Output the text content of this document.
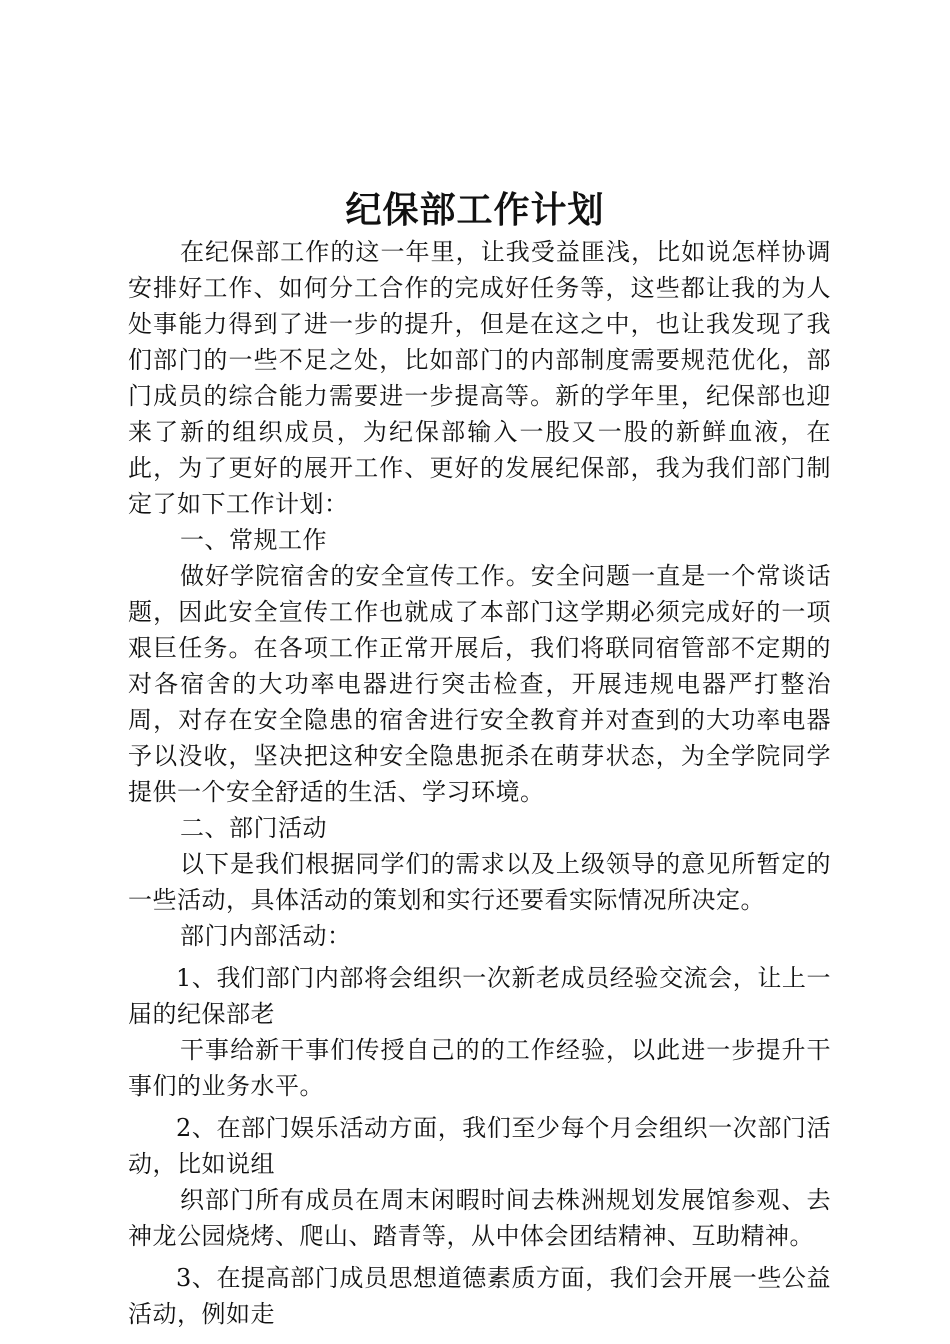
纪保部工作计划

在纪保部工作的这一年里，让我受益匪浅，比如说怎样协调安排好工作、如何分工合作的完成好任务等，这些都让我的为人处事能力得到了进一步的提升，但是在这之中，也让我发现了我们部门的一些不足之处，比如部门的内部制度需要规范优化，部门成员的综合能力需要进一步提高等。新的学年里，纪保部也迎来了新的组织成员，为纪保部输入一股又一股的新鲜血液，在此，为了更好的展开工作、更好的发展纪保部，我为我们部门制定了如下工作计划：

一、常规工作

做好学院宿舍的安全宣传工作。安全问题一直是一个常谈话题，因此安全宣传工作也就成了本部门这学期必须完成好的一项艰巨任务。在各项工作正常开展后，我们将联同宿管部不定期的对各宿舍的大功率电器进行突击检查，开展违规电器严打整治周，对存在安全隐患的宿舍进行安全教育并对查到的大功率电器予以没收，坚决把这种安全隐患扼杀在萌芽状态，为全学院同学提供一个安全舒适的生活、学习环境。

二、部门活动

以下是我们根据同学们的需求以及上级领导的意见所暂定的一些活动，具体活动的策划和实行还要看实际情况所决定。

部门内部活动：

1、我们部门内部将会组织一次新老成员经验交流会，让上一届的纪保部老

干事给新干事们传授自己的的工作经验，以此进一步提升干事们的业务水平。

2、在部门娱乐活动方面，我们至少每个月会组织一次部门活动，比如说组

织部门所有成员在周末闲暇时间去株洲规划发展馆参观、去神龙公园烧烤、爬山、踏青等，从中体会团结精神、互助精神。

3、在提高部门成员思想道德素质方面，我们会开展一些公益活动，例如走
